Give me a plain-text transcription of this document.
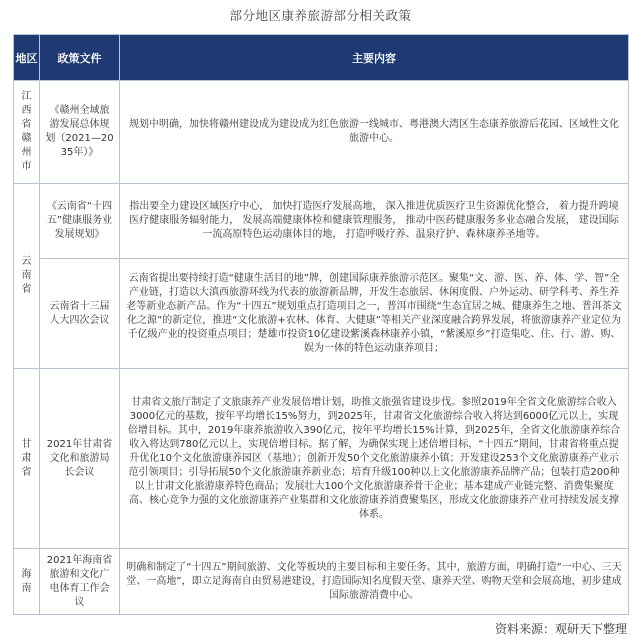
部分地区康养旅游部分相关政策
地区	政策文件	主要内容
江西省赣州市	《赣州全域旅游发展总体规划（2021—2035年）》	规划中明确，加快将赣州建设成为建设成为红色旅游一线城市、粤港澳大湾区生态康养旅游后花园、区域性文化旅游中心。
云南省	《云南省“十四五”健康服务业发展规划》	指出要全力建设区域医疗中心， 加快打造医疗发展高地， 深入推进优质医疗卫生资源优化整合， 着力提升跨境医疗健康服务辐射能力， 发展高端健康体检和健康管理服务， 推动中医药健康服务多业态融合发展， 建设国际一流高原特色运动康体目的地， 打造呼吸疗养、温泉疗护、森林康养圣地等。
	云南省十三届人大四次会议	云南省提出要持续打造“健康生活目的地”牌，创建国际康养旅游示范区。聚集“文、游、医、养、体、学、智”全产业链，打造以大滇西旅游环线为代表的旅游新品牌，开发生态旅居、休闲度假、户外运动、研学科考、养生养老等新业态新产品。作为“十四五”规划重点打造项目之一，普洱市围绕“生态宜居之城、健康养生之地、普洱茶文化之源”的新定位，推进“文化旅游+农林、体育、大健康”等相关产业深度融合跨界发展，将旅游康养产业定位为千亿级产业的投资重点项目；楚雄市投资10亿建设紫溪森林康养小镇，“紫溪原乡”打造集吃、住、行、游、购、娱为一体的特色运动康养项目；
甘肃省	2021年甘肃省文化和旅游局长会议	甘肃省文旅厅制定了文旅康养产业发展倍增计划，助推文旅强省建设步伐。参照2019年全省文化旅游综合收入3000亿元的基数，按年平均增长15%努力，到2025年，甘肃省文化旅游综合收入将达到6000亿元以上，实现倍增目标。其中，2019年康养旅游收入390亿元，按年平均增长15%计算，到2025年，全省文化旅游康养综合收入将达到780亿元以上，实现倍增目标。据了解，为确保实现上述倍增目标，“十四五”期间，甘肃省将重点提升优化10个文化旅游康养园区（基地）；创新开发50个文化旅游康养小镇；开发建设253个文化旅游康养产业示范引领项目；引导拓展50个文化旅游康养新业态；培育升级100种以上文化旅游康养品牌产品；包装打造200种以上甘肃文化旅游康养特色商品；发展壮大100个文化旅游康养骨干企业；基本建成产业链完整、消费集聚度高、核心竞争力强的文化旅游康养产业集群和文化旅游康养消费聚集区，形成文化旅游康养产业可持续发展支撑体系。
海南	2021年海南省旅游和文化广电体育工作会议	明确和制定了“十四五”期间旅游、文化等板块的主要目标和主要任务。其中，旅游方面，明确打造“一中心、三天堂、一高地”，即立足海南自由贸易港建设，打造国际知名度假天堂、康养天堂、购物天堂和会展高地，初步建成国际旅游消费中心。
资料来源：观研天下整理
